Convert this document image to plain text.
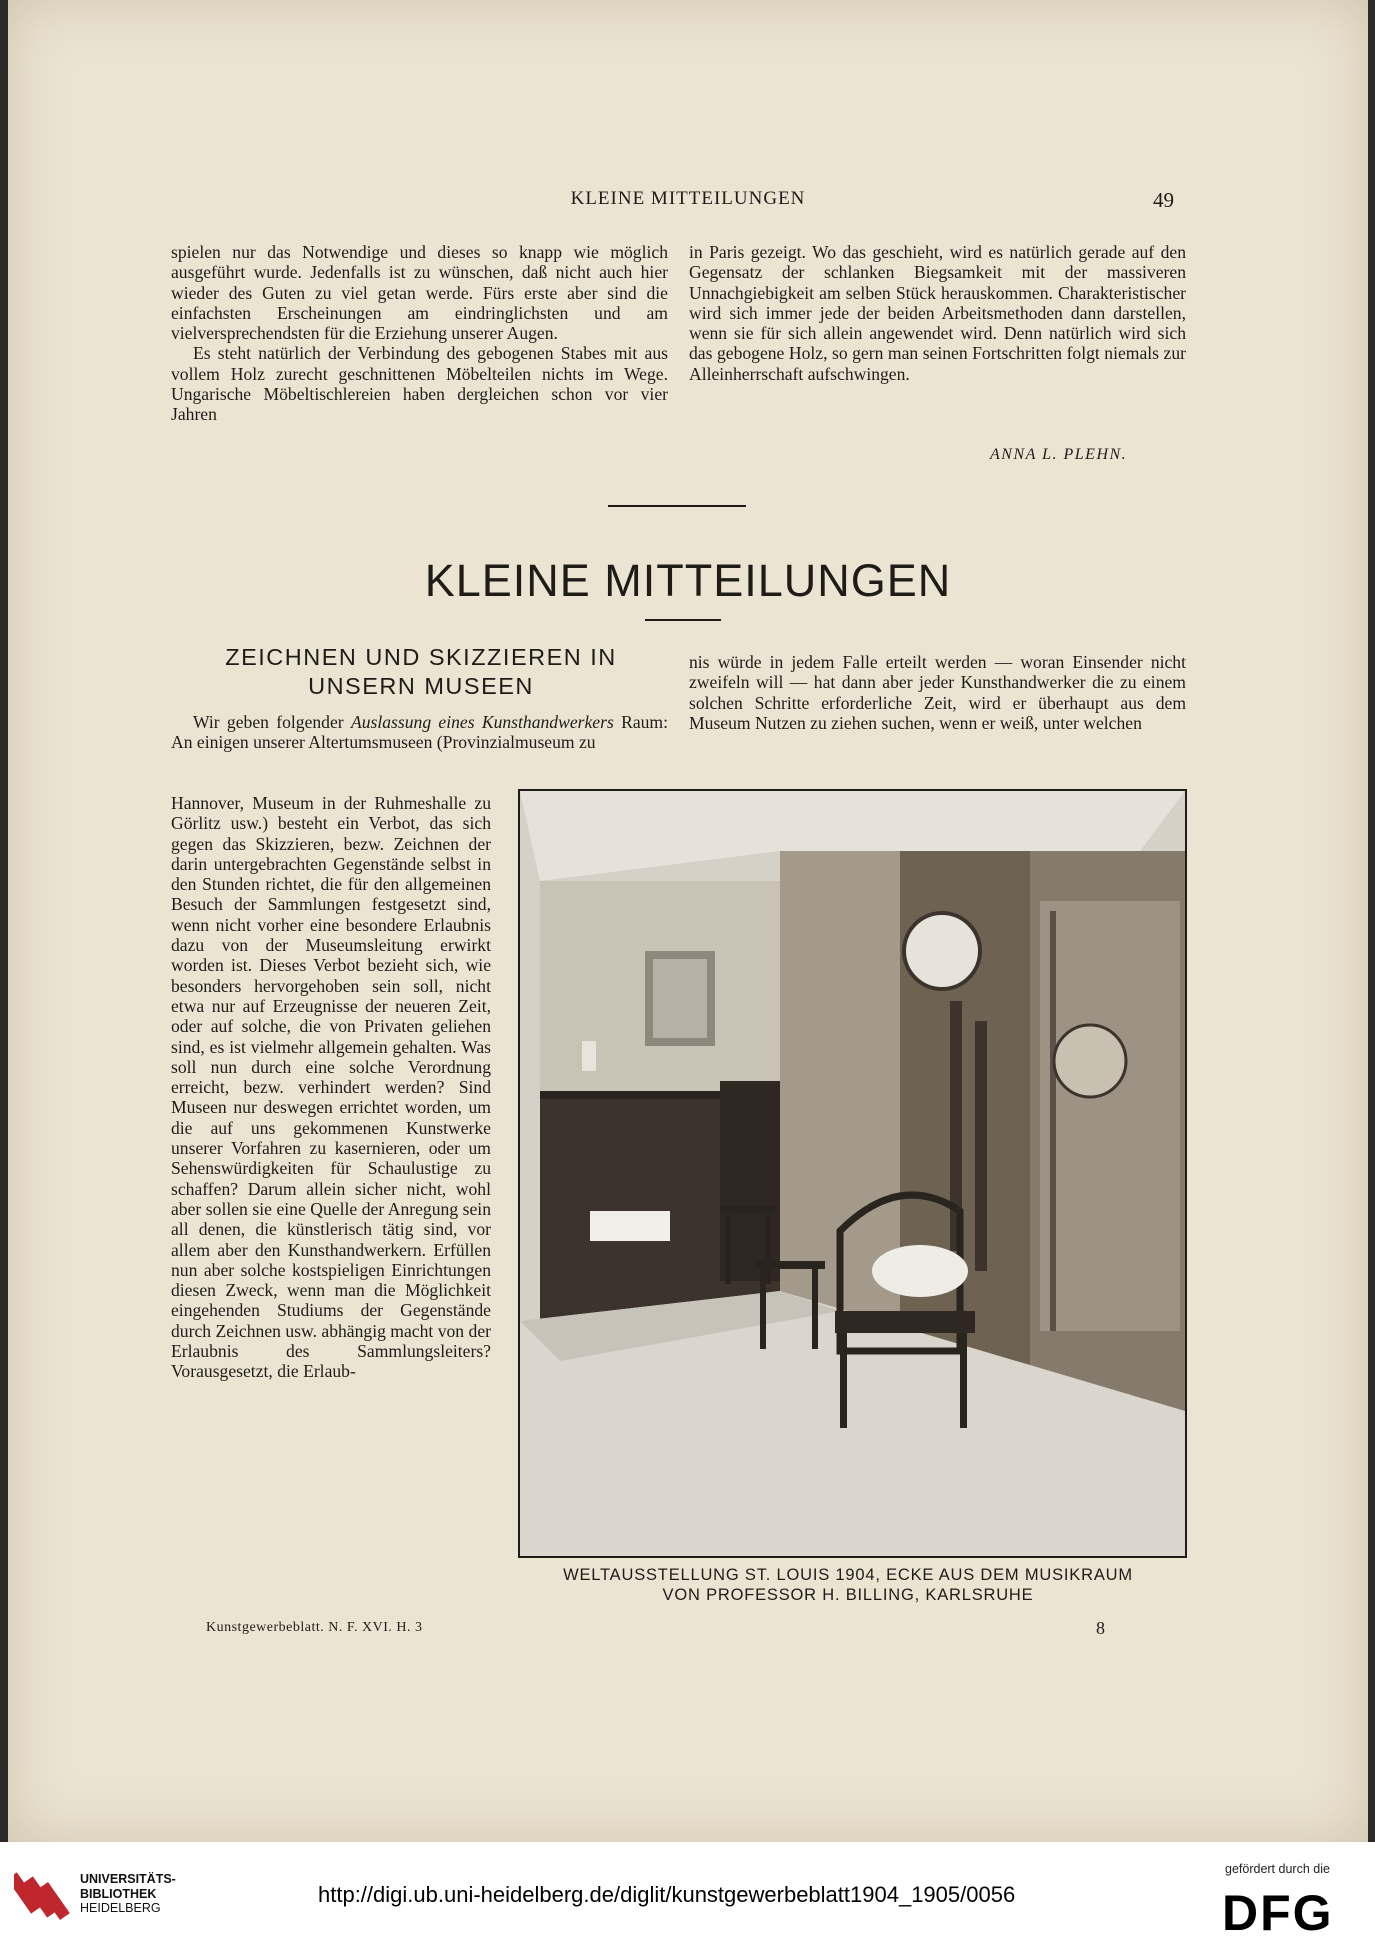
KLEINE MITTEILUNGEN	49

spielen nur das Notwendige und dieses so knapp wie möglich ausgeführt wurde. Jedenfalls ist zu wünschen, daß nicht auch hier wieder des Guten zu viel getan werde. Fürs erste aber sind die einfachsten Erscheinungen am eindringlichsten und am vielversprechendsten für die Erziehung unserer Augen.

Es steht natürlich der Verbindung des gebogenen Stabes mit aus vollem Holz zurecht geschnittenen Möbelteilen nichts im Wege. Ungarische Möbeltischlereien haben dergleichen schon vor vier Jahren

in Paris gezeigt. Wo das geschieht, wird es natürlich gerade auf den Gegensatz der schlanken Biegsamkeit mit der massiveren Unnachgiebigkeit am selben Stück herauskommen. Charakteristischer wird sich immer jede der beiden Arbeitsmethoden dann darstellen, wenn sie für sich allein angewendet wird. Denn natürlich wird sich das gebogene Holz, so gern man seinen Fortschritten folgt niemals zur Alleinherrschaft aufschwingen.

ANNA L. PLEHN.
KLEINE MITTEILUNGEN
ZEICHNEN UND SKIZZIEREN IN
UNSERN MUSEEN

Wir geben folgender Auslassung eines Kunsthandwerkers Raum: An einigen unserer Altertumsmuseen (Provinzialmuseum zu

Hannover, Museum in der Ruhmeshalle zu Görlitz usw.) besteht ein Verbot, das sich gegen das Skizzieren, bezw. Zeichnen der darin untergebrachten Gegenstände selbst in den Stunden richtet, die für den allgemeinen Besuch der Sammlungen festgesetzt sind, wenn nicht vorher eine besondere Erlaubnis dazu von der Museumsleitung erwirkt worden ist. Dieses Verbot bezieht sich, wie besonders hervorgehoben sein soll, nicht etwa nur auf Erzeugnisse der neueren Zeit, oder auf solche, die von Privaten geliehen sind, es ist vielmehr allgemein gehalten. Was soll nun durch eine solche Verordnung erreicht, bezw. verhindert werden? Sind Museen nur deswegen errichtet worden, um die auf uns gekommenen Kunstwerke unserer Vorfahren zu kasernieren, oder um Sehenswürdigkeiten für Schaulustige zu schaffen? Darum allein sicher nicht, wohl aber sollen sie eine Quelle der Anregung sein all denen, die künstlerisch tätig sind, vor allem aber den Kunsthandwerkern. Erfüllen nun aber solche kostspieligen Einrichtungen diesen Zweck, wenn man die Möglichkeit eingehenden Studiums der Gegenstände durch Zeichnen usw. abhängig macht von der Erlaubnis des Sammlungsleiters? Vorausgesetzt, die Erlaub-

nis würde in jedem Falle erteilt werden — woran Einsender nicht zweifeln will — hat dann aber jeder Kunsthandwerker die zu einem solchen Schritte erforderliche Zeit, wird er überhaupt aus dem Museum Nutzen zu ziehen suchen, wenn er weiß, unter welchen

WELTAUSSTELLUNG ST. LOUIS 1904, ECKE AUS DEM MUSIKRAUM
VON PROFESSOR H. BILLING, KARLSRUHE
Kunstgewerbeblatt. N. F. XVI. H. 3	8
UNIVERSITÄTS-
BIBLIOTHEK
HEIDELBERG
http://digi.ub.uni-heidelberg.de/diglit/kunstgewerbeblatt1904_1905/0056
gefördert durch die
DFG
